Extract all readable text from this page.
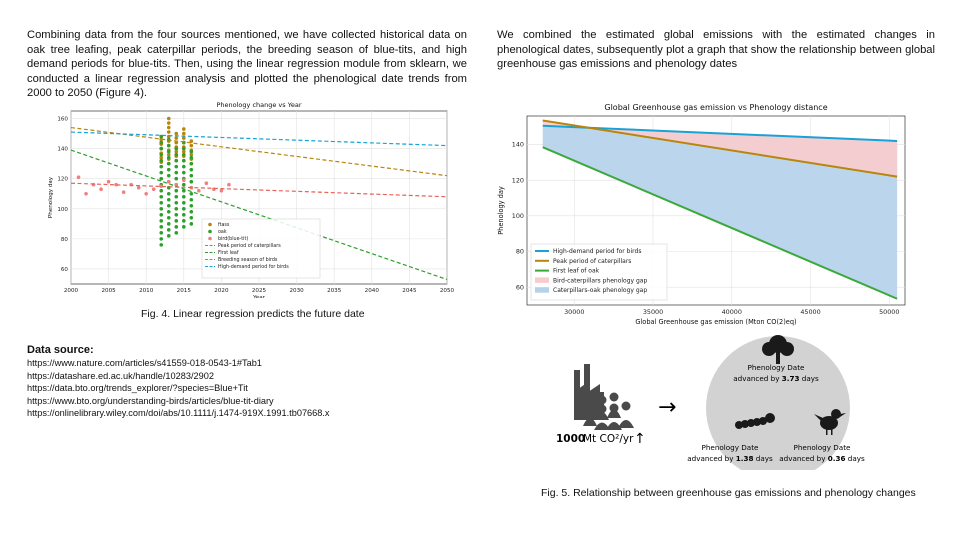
Combining data from the four sources mentioned, we have collected historical data on oak tree leafing, peak caterpillar periods, the breeding season of blue-tits, and high demand periods for blue-tits. Then, using the linear regression module from sklearn, we conducted a linear regression analysis and plotted the phenological date trends from 2000 to 2050 (Figure 4).
We combined the estimated global emissions with the estimated changes in phenological dates, subsequently plot a graph that show the relationship between global greenhouse gas emissions and phenology dates
2000	2005	2010	2015	2020	2025	2030	2035	2040	2045	2050
60
80
100
120
140
160
Phenology change vs Year
Year
Phenology day
ftass
oak
bird(blue-tit)
Peak period of caterpillars
First leaf
Breeding season of birds
High-demand period for birds
Fig. 4. Linear regression predicts the future date	30000	35000	40000	45000	50000
60
80
100
120
140
Global Greenhouse gas emission vs Phenology distance
Global Greenhouse gas emission (Mton CO(2)eq)
Phenology day
High-demand period for birds
Peak period of caterpillars
First leaf of oak
Bird-caterpillars phenology gap
Caterpillars-oak phenology gap
Data source:
https://www.nature.com/articles/s41559-018-0543-1#Tab1
https://datashare.ed.ac.uk/handle/10283/2902
https://data.bto.org/trends_explorer/?species=Blue+Tit
https://www.bto.org/understanding-birds/articles/blue-tit-diary
https://onlinelibrary.wiley.com/doi/abs/10.1111/j.1474-919X.1991.tb07668.x
1000
Mt CO²/yr ↑
→
Phenology Date
advanced by 3.73 days
Phenology Date
advanced by 1.38 days
Phenology Date
advanced by 0.36 days
Fig. 5. Relationship between greenhouse gas emissions and phenology changes
